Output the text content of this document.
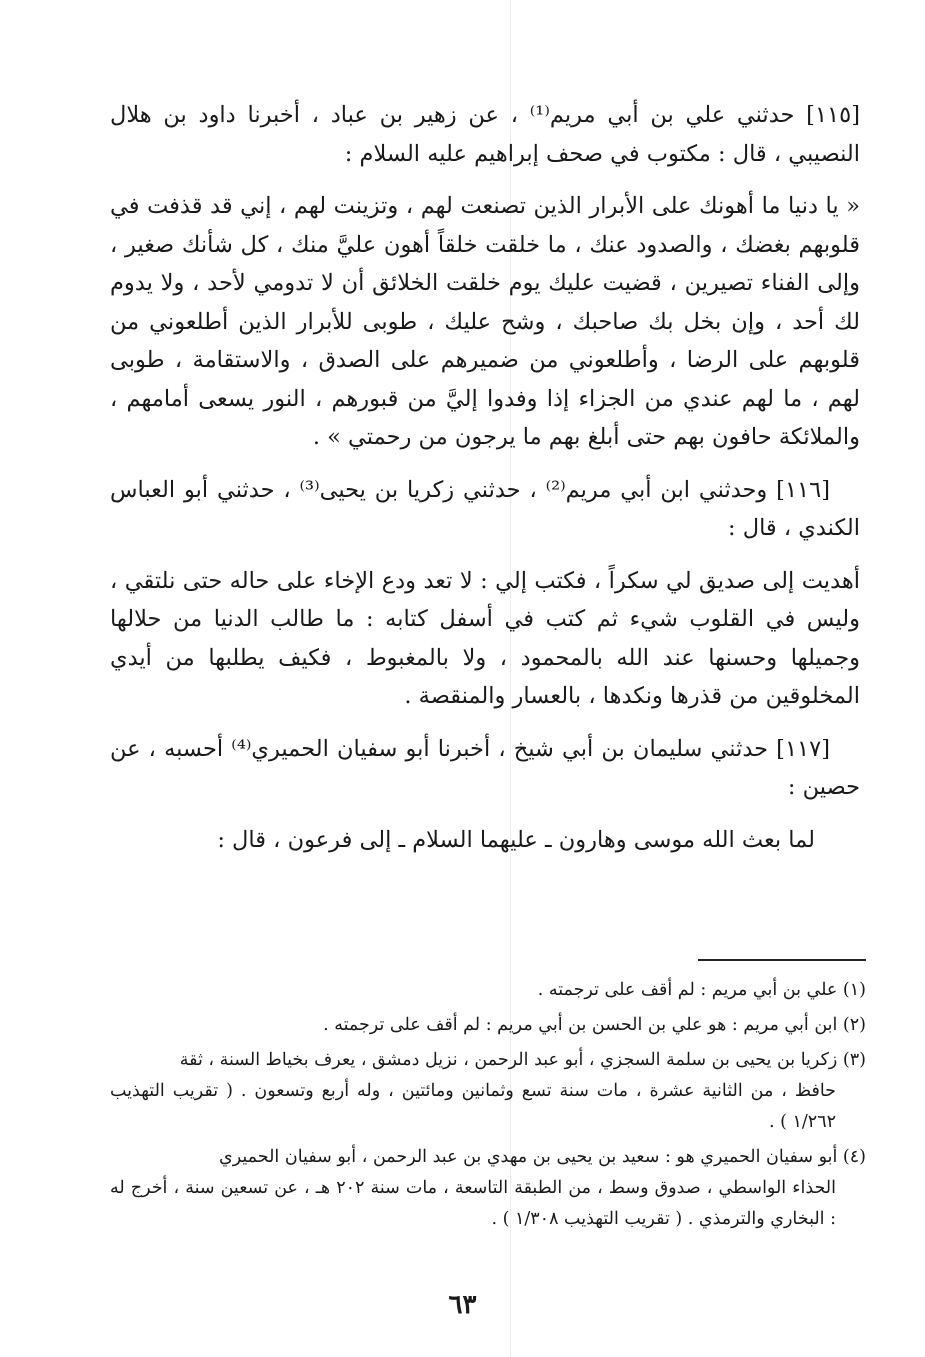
[١١٥] حدثني علي بن أبي مريم⁽¹⁾ ، عن زهير بن عباد ، أخبرنا داود بن هلال النصيبي ، قال : مكتوب في صحف إبراهيم عليه السلام :

« يا دنيا ما أهونك على الأبرار الذين تصنعت لهم ، وتزينت لهم ، إني قد قذفت في قلوبهم بغضك ، والصدود عنك ، ما خلقت خلقاً أهون عليَّ منك ، كل شأنك صغير ، وإلى الفناء تصيرين ، قضيت عليك يوم خلقت الخلائق أن لا تدومي لأحد ، ولا يدوم لك أحد ، وإن بخل بك صاحبك ، وشح عليك ، طوبى للأبرار الذين أطلعوني من قلوبهم على الرضا ، وأطلعوني من ضميرهم على الصدق ، والاستقامة ، طوبى لهم ، ما لهم عندي من الجزاء إذا وفدوا إليَّ من قبورهم ، النور يسعى أمامهم ، والملائكة حافون بهم حتى أبلغ بهم ما يرجون من رحمتي » .

[١١٦] وحدثني ابن أبي مريم⁽²⁾ ، حدثني زكريا بن يحيى⁽³⁾ ، حدثني أبو العباس الكندي ، قال :

أهديت إلى صديق لي سكراً ، فكتب إلي : لا تعد ودع الإخاء على حاله حتى نلتقي ، وليس في القلوب شيء ثم كتب في أسفل كتابه : ما طالب الدنيا من حلالها وجميلها وحسنها عند الله بالمحمود ، ولا بالمغبوط ، فكيف يطلبها من أيدي المخلوقين من قذرها ونكدها ، بالعسار والمنقصة .

[١١٧] حدثني سليمان بن أبي شيخ ، أخبرنا أبو سفيان الحميري⁽⁴⁾ أحسبه ، عن حصين :

لما بعث الله موسى وهارون ـ عليهما السلام ـ إلى فرعون ، قال :

(١) علي بن أبي مريم : لم أقف على ترجمته .

(٢) ابن أبي مريم : هو علي بن الحسن بن أبي مريم : لم أقف على ترجمته .

(٣) زكريا بن يحيى بن سلمة السجزي ، أبو عبد الرحمن ، نزيل دمشق ، يعرف بخياط السنة ، ثقة
حافظ ، من الثانية عشرة ، مات سنة تسع وثمانين ومائتين ، وله أربع وتسعون . ( تقريب التهذيب ١/٢٦٢ ) .
(٤) أبو سفيان الحميري هو : سعيد بن يحيى بن مهدي بن عبد الرحمن ، أبو سفيان الحميري
الحذاء الواسطي ، صدوق وسط ، من الطبقة التاسعة ، مات سنة ٢٠٢ هـ ، عن تسعين سنة ، أخرج له : البخاري والترمذي . ( تقريب التهذيب ١/٣٠٨ ) .
٦٣
